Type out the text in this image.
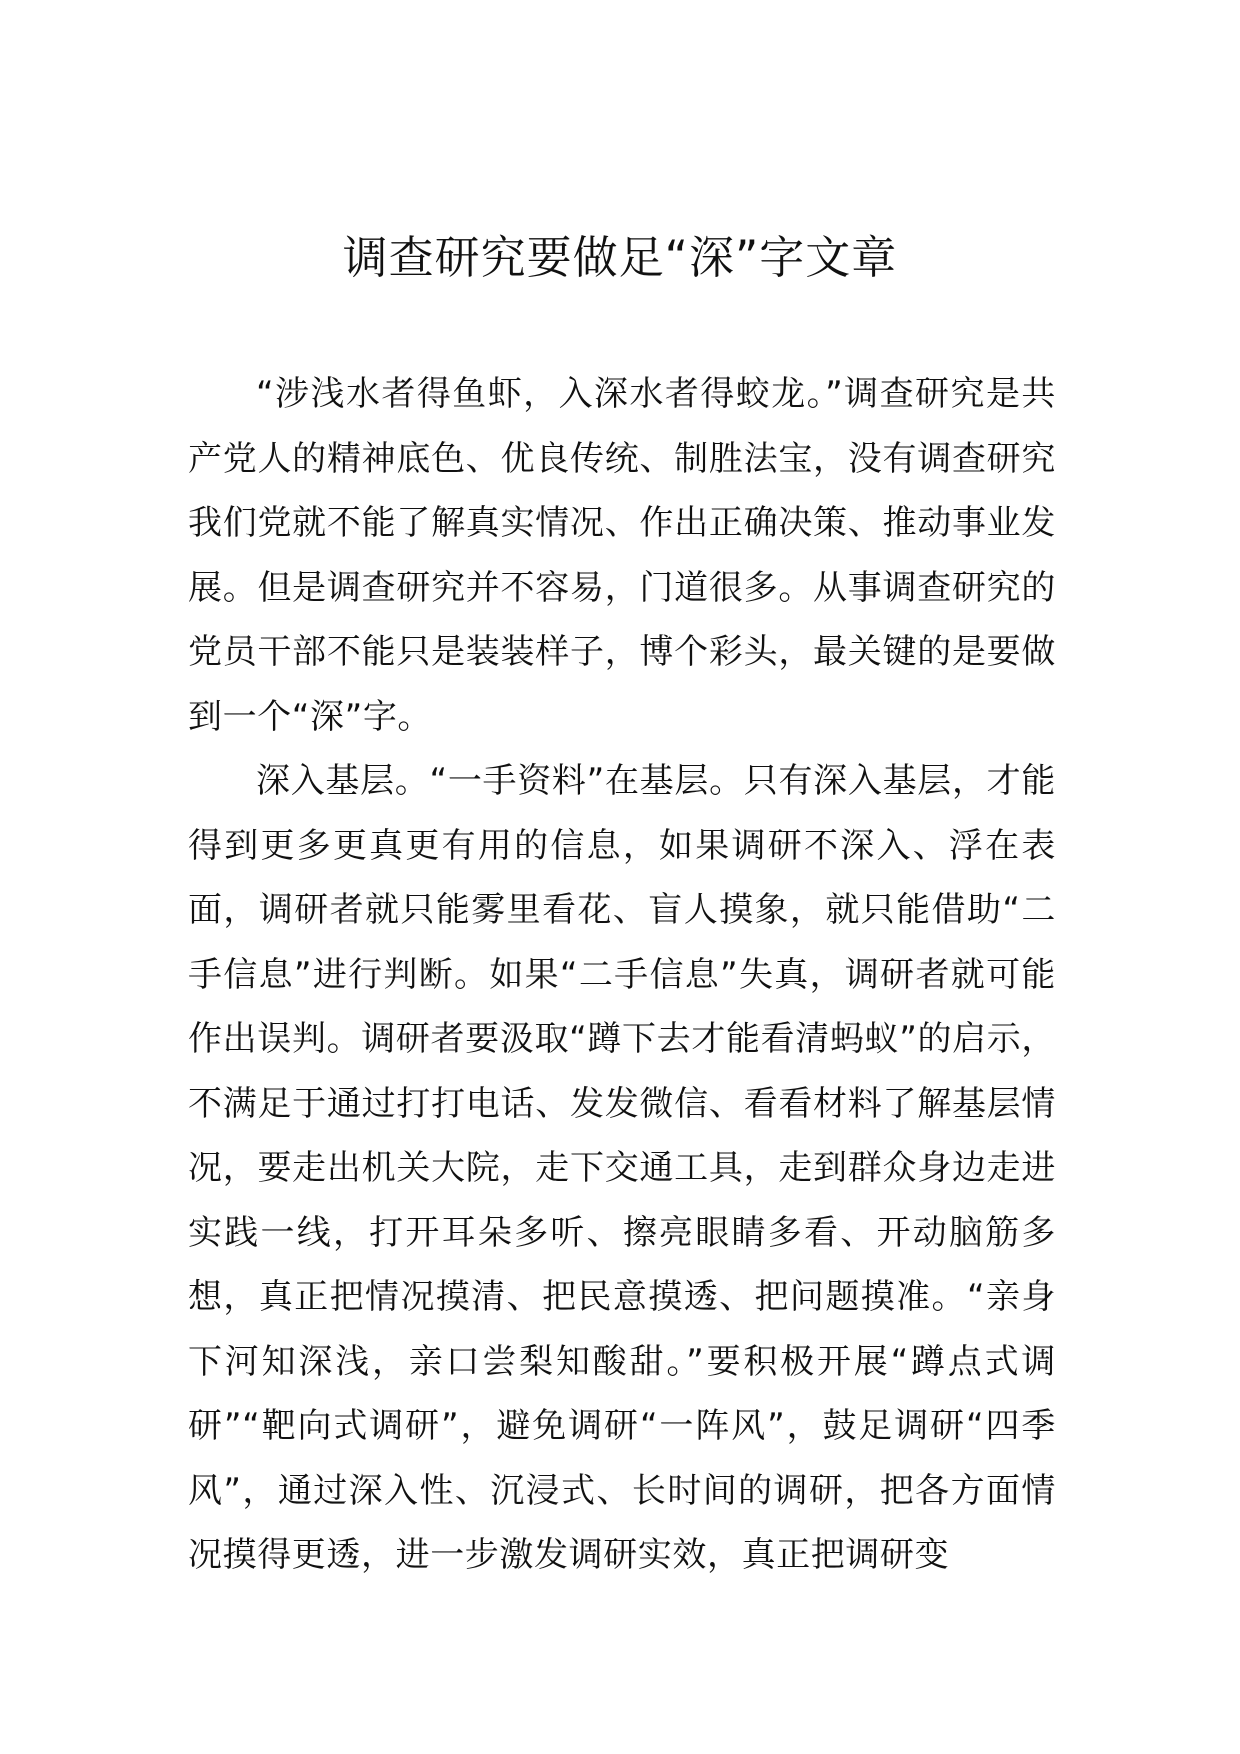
调查研究要做足“深”字文章

“涉浅水者得鱼虾，入深水者得蛟龙。”调查研究是共产党人的精神底色、优良传统、制胜法宝，没有调查研究我们党就不能了解真实情况、作出正确决策、推动事业发展。但是调查研究并不容易，门道很多。从事调查研究的党员干部不能只是装装样子，博个彩头，最关键的是要做到一个“深”字。

深入基层。“一手资料”在基层。只有深入基层，才能得到更多更真更有用的信息，如果调研不深入、浮在表面，调研者就只能雾里看花、盲人摸象，就只能借助“二手信息”进行判断。如果“二手信息”失真，调研者就可能作出误判。调研者要汲取“蹲下去才能看清蚂蚁”的启示，不满足于通过打打电话、发发微信、看看材料了解基层情况，要走出机关大院，走下交通工具，走到群众身边走进实践一线，打开耳朵多听、擦亮眼睛多看、开动脑筋多想，真正把情况摸清、把民意摸透、把问题摸准。“亲身下河知深浅，亲口尝梨知酸甜。”要积极开展“蹲点式调研”“靶向式调研”，避免调研“一阵风”，鼓足调研“四季风”，通过深入性、沉浸式、长时间的调研，把各方面情况摸得更透，进一步激发调研实效，真正把调研变
